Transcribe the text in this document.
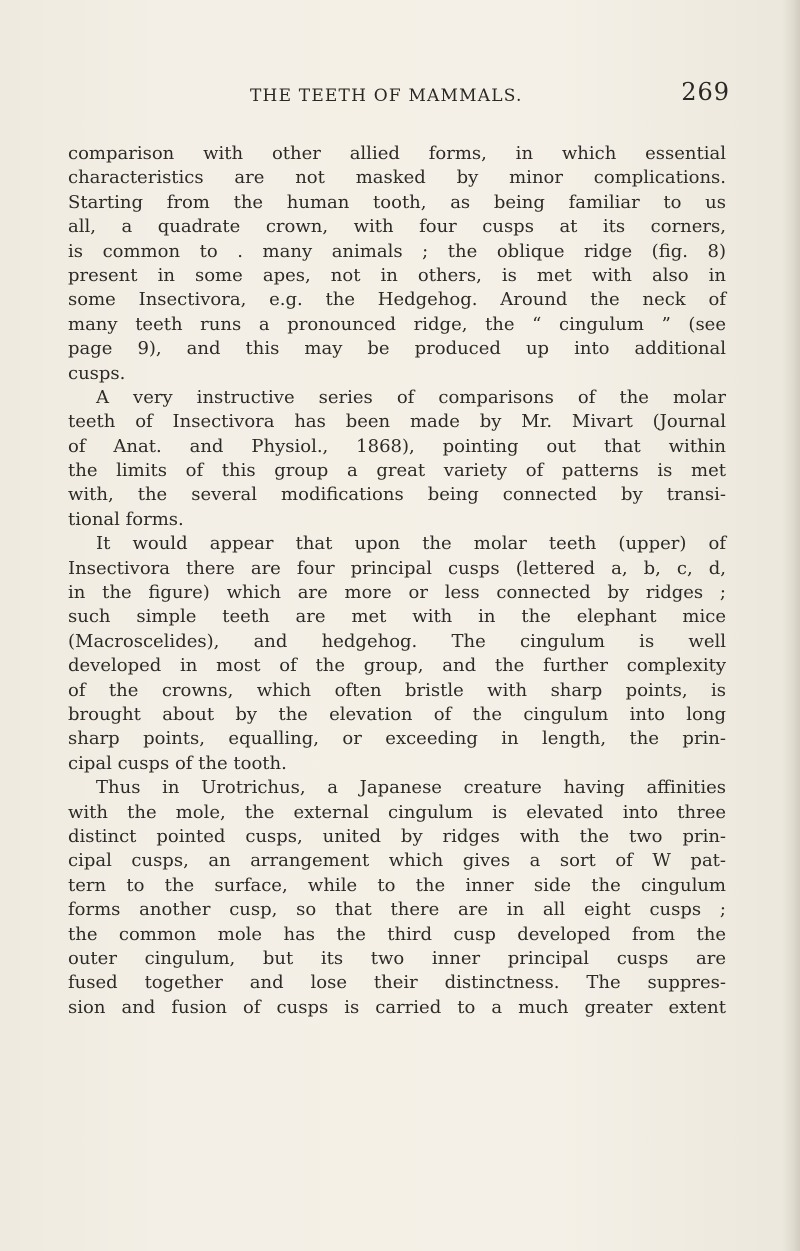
THE TEETH OF MAMMALS.	269
comparison with other allied forms, in which essential
characteristics are not masked by minor complications.
Starting from the human tooth, as being familiar to us
all, a quadrate crown, with four cusps at its corners,
is common to . many animals ; the oblique ridge (fig. 8)
present in some apes, not in others, is met with also in
some Insectivora, e.g. the Hedgehog. Around the neck of
many teeth runs a pronounced ridge, the “ cingulum ” (see
page 9), and this may be produced up into additional
cusps.
A very instructive series of comparisons of the molar
teeth of Insectivora has been made by Mr. Mivart (Journal
of Anat. and Physiol., 1868), pointing out that within
the limits of this group a great variety of patterns is met
with, the several modifications being connected by transi-
tional forms.
It would appear that upon the molar teeth (upper) of
Insectivora there are four principal cusps (lettered a, b, c, d,
in the figure) which are more or less connected by ridges ;
such simple teeth are met with in the elephant mice
(Macroscelides), and hedgehog. The cingulum is well
developed in most of the group, and the further complexity
of the crowns, which often bristle with sharp points, is
brought about by the elevation of the cingulum into long
sharp points, equalling, or exceeding in length, the prin-
cipal cusps of the tooth.
Thus in Urotrichus, a Japanese creature having affinities
with the mole, the external cingulum is elevated into three
distinct pointed cusps, united by ridges with the two prin-
cipal cusps, an arrangement which gives a sort of W pat-
tern to the surface, while to the inner side the cingulum
forms another cusp, so that there are in all eight cusps ;
the common mole has the third cusp developed from the
outer cingulum, but its two inner principal cusps are
fused together and lose their distinctness. The suppres-
sion and fusion of cusps is carried to a much greater extent
